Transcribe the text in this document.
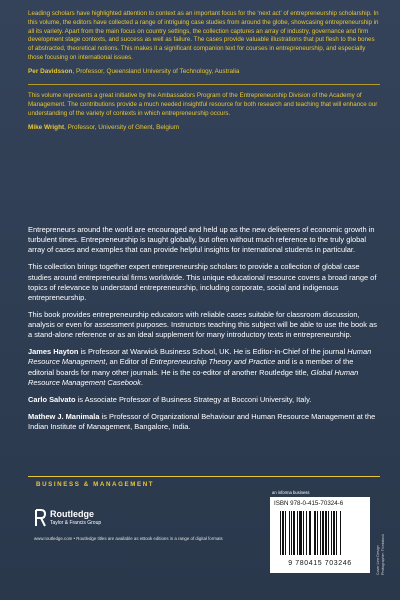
Leading scholars have highlighted attention to context as an important focus for the ‘next act’ of entrepreneurship scholarship. In this volume, the editors have collected a range of intriguing case studies from around the globe, showcasing entrepreneurship in all its variety. Apart from the main focus on country settings, the collection captures an array of industry, governance and firm development stage contexts, and success as well as failure. The cases provide valuable illustrations that put flesh to the bones of abstracted, theoretical notions. This makes it a significant companion text for courses in entrepreneurship, and especially those focusing on international issues.

Per Davidsson, Professor, Queensland University of Technology, Australia

This volume represents a great initiative by the Ambassadors Program of the Entrepreneurship Division of the Academy of Management. The contributions provide a much needed insightful resource for both research and teaching that will enhance our understanding of the variety of contexts in which entrepreneurship occurs.

Mike Wright, Professor, University of Ghent, Belgium

Entrepreneurs around the world are encouraged and held up as the new deliverers of economic growth in turbulent times. Entrepreneurship is taught globally, but often without much reference to the truly global array of cases and examples that can provide helpful insights for international students in particular.

This collection brings together expert entrepreneurship scholars to provide a collection of global case studies around entrepreneurial firms worldwide. This unique educational resource covers a broad range of topics of relevance to understand entrepreneurship, including corporate, social and indigenous entrepreneurship.

This book provides entrepreneurship educators with reliable cases suitable for classroom discussion, analysis or even for assessment purposes. Instructors teaching this subject will be able to use the book as a stand-alone reference or as an ideal supplement for many introductory texts in entrepreneurship.

James Hayton is Professor at Warwick Business School, UK. He is Editor-in-Chief of the journal Human Resource Management, an Editor of Entrepreneurship Theory and Practice and is a member of the editorial boards for many other journals. He is the co-editor of another Routledge title, Global Human Resource Management Casebook.

Carlo Salvato is Associate Professor of Business Strategy at Bocconi University, Italy.

Mathew J. Manimala is Professor of Organizational Behaviour and Human Resource Management at the Indian Institute of Management, Bangalore, India.

BUSINESS & MANAGEMENT
an informa business
Routledge
Taylor & Francis Group
www.routledge.com • Routledge titles are available as eBook editions in a range of digital formats
ISBN 978-0-415-70324-6
9 780415 703246
Cover Line Design
Photographer: Thinkstock
